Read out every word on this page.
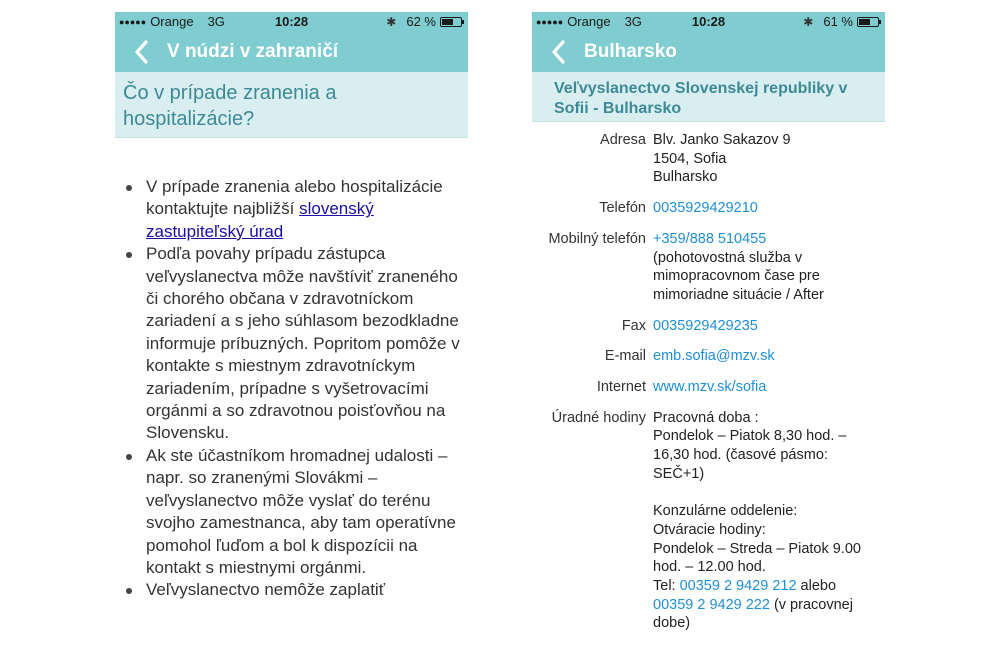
●●●●● Orange 3G	10:28	✱ 62 %
V núdzi v zahraničí
Čo v prípade zranenia a hospitalizácie?
V prípade zranenia alebo hospitalizácie kontaktujte najbližší slovenský zastupiteľský úrad
Podľa povahy prípadu zástupca veľvyslanectva môže navštíviť zraneného či chorého občana v zdravotníckom zariadení a s jeho súhlasom bezodkladne informuje príbuzných. Popritom pomôže v kontakte s miestnym zdravotníckym zariadením, prípadne s vyšetrovacími orgánmi a so zdravotnou poisťovňou na Slovensku.
Ak ste účastníkom hromadnej udalosti – napr. so zranenými Slovákmi – veľvyslanectvo môže vyslať do terénu svojho zamestnanca, aby tam operatívne pomohol ľuďom a bol k dispozícii na kontakt s miestnymi orgánmi.
Veľvyslanectvo nemôže zaplatiť
●●●●● Orange 3G	10:28	✱ 61 %
Bulharsko
Veľvyslanectvo Slovenskej republiky v Sofii - Bulharsko
Adresa Blv. Janko Sakazov 9
1504, Sofia
Bulharsko
Telefón 0035929429210
Mobilný telefón +359/888 510455
(pohotovostná služba v mimopracovnom čase pre mimoriadne situácie / After
Fax 0035929429235
E-mail emb.sofia@mzv.sk
Internet www.mzv.sk/sofia
Úradné hodiny Pracovná doba :
Pondelok – Piatok 8,30 hod. – 16,30 hod. (časové pásmo: SEČ+1)
Konzulárne oddelenie:
Otváracie hodiny:
Pondelok – Streda – Piatok 9.00 hod. – 12.00 hod.
Tel: 00359 2 9429 212 alebo 00359 2 9429 222 (v pracovnej dobe)
